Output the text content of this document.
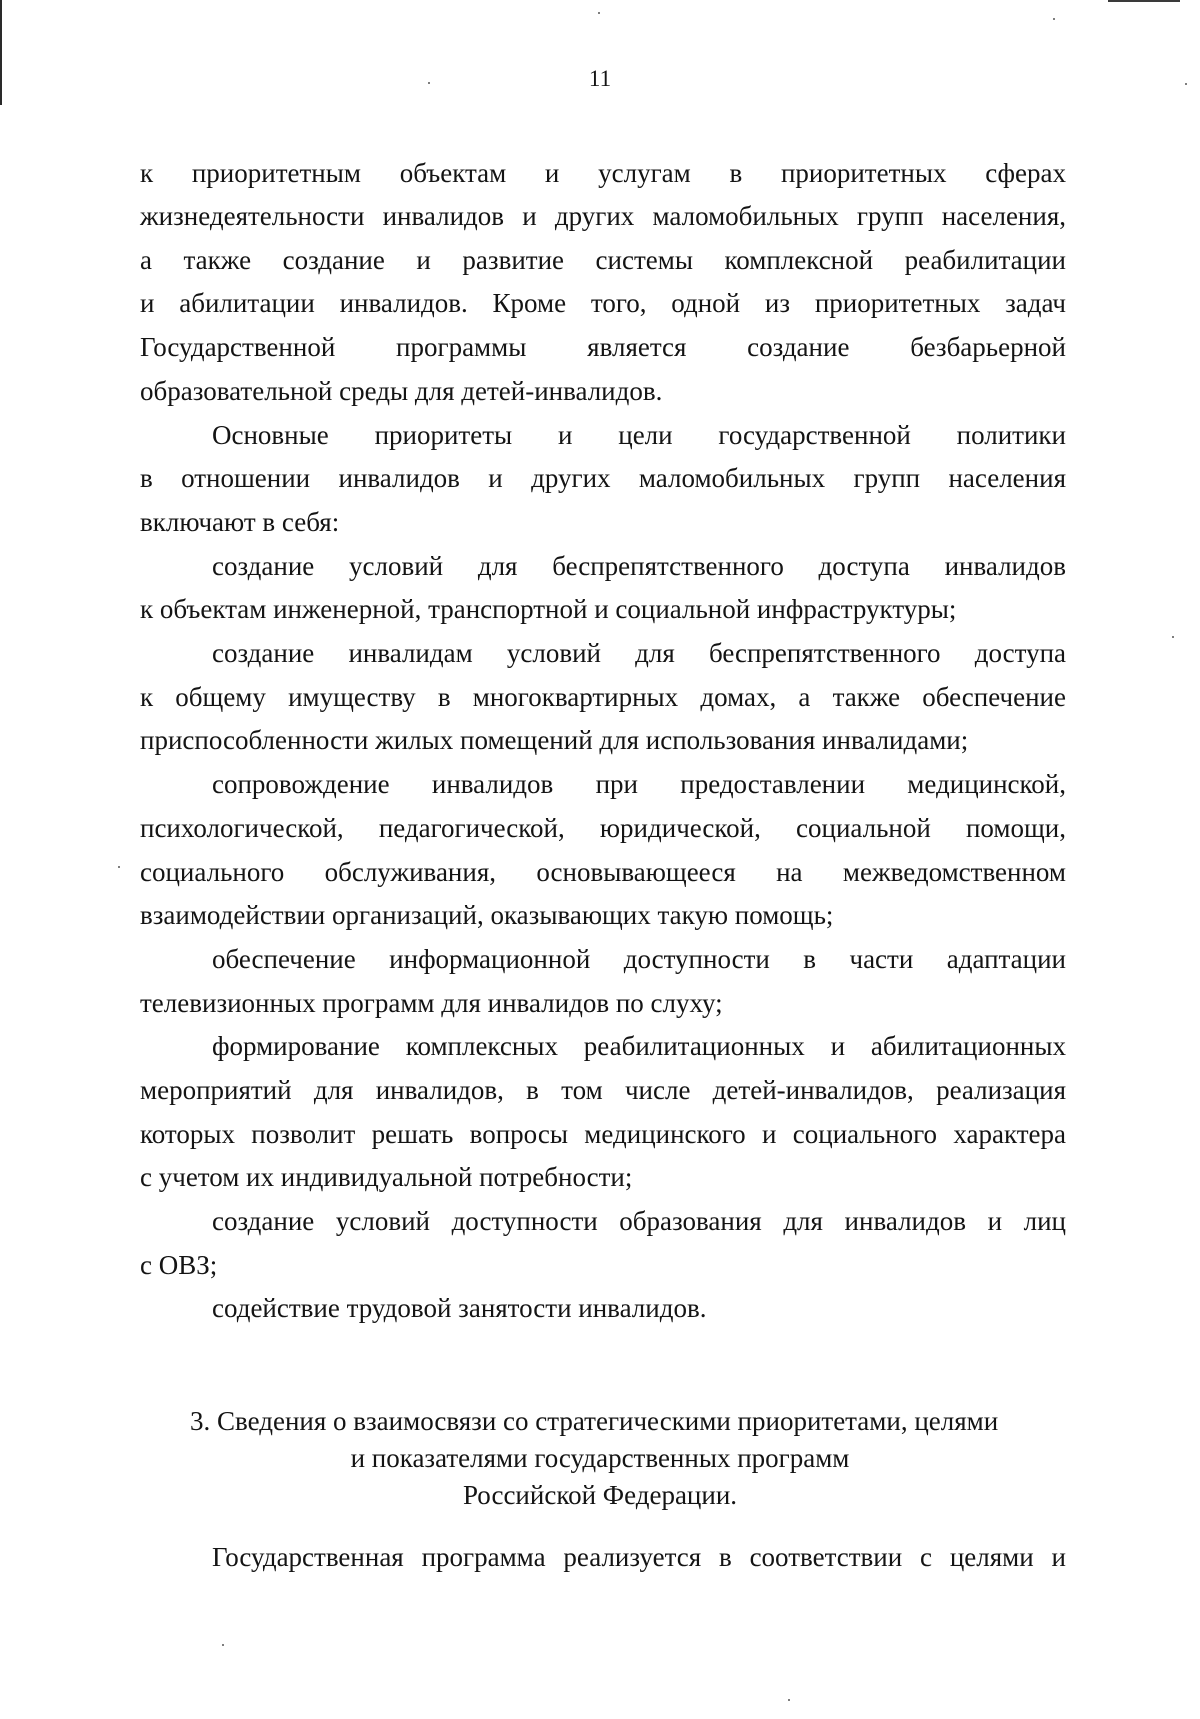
11
к приоритетным объектам и услугам в приоритетных сферах
жизнедеятельности инвалидов и других маломобильных групп населения,
а также создание и развитие системы комплексной реабилитации
и абилитации инвалидов. Кроме того, одной из приоритетных задач
Государственной программы является создание безбарьерной
образовательной среды для детей-инвалидов.
Основные приоритеты и цели государственной политики
в отношении инвалидов и других маломобильных групп населения
включают в себя:
создание условий для беспрепятственного доступа инвалидов
к объектам инженерной, транспортной и социальной инфраструктуры;
создание инвалидам условий для беспрепятственного доступа
к общему имуществу в многоквартирных домах, а также обеспечение
приспособленности жилых помещений для использования инвалидами;
сопровождение инвалидов при предоставлении медицинской,
психологической, педагогической, юридической, социальной помощи,
социального обслуживания, основывающееся на межведомственном
взаимодействии организаций, оказывающих такую помощь;
обеспечение информационной доступности в части адаптации
телевизионных программ для инвалидов по слуху;
формирование комплексных реабилитационных и абилитационных
мероприятий для инвалидов, в том числе детей-инвалидов, реализация
которых позволит решать вопросы медицинского и социального характера
с учетом их индивидуальной потребности;
создание условий доступности образования для инвалидов и лиц
с ОВЗ;
содействие трудовой занятости инвалидов.
3. Сведения о взаимосвязи со стратегическими приоритетами, целями
и показателями государственных программ
Российской Федерации.
Государственная программа реализуется в соответствии с целями и
